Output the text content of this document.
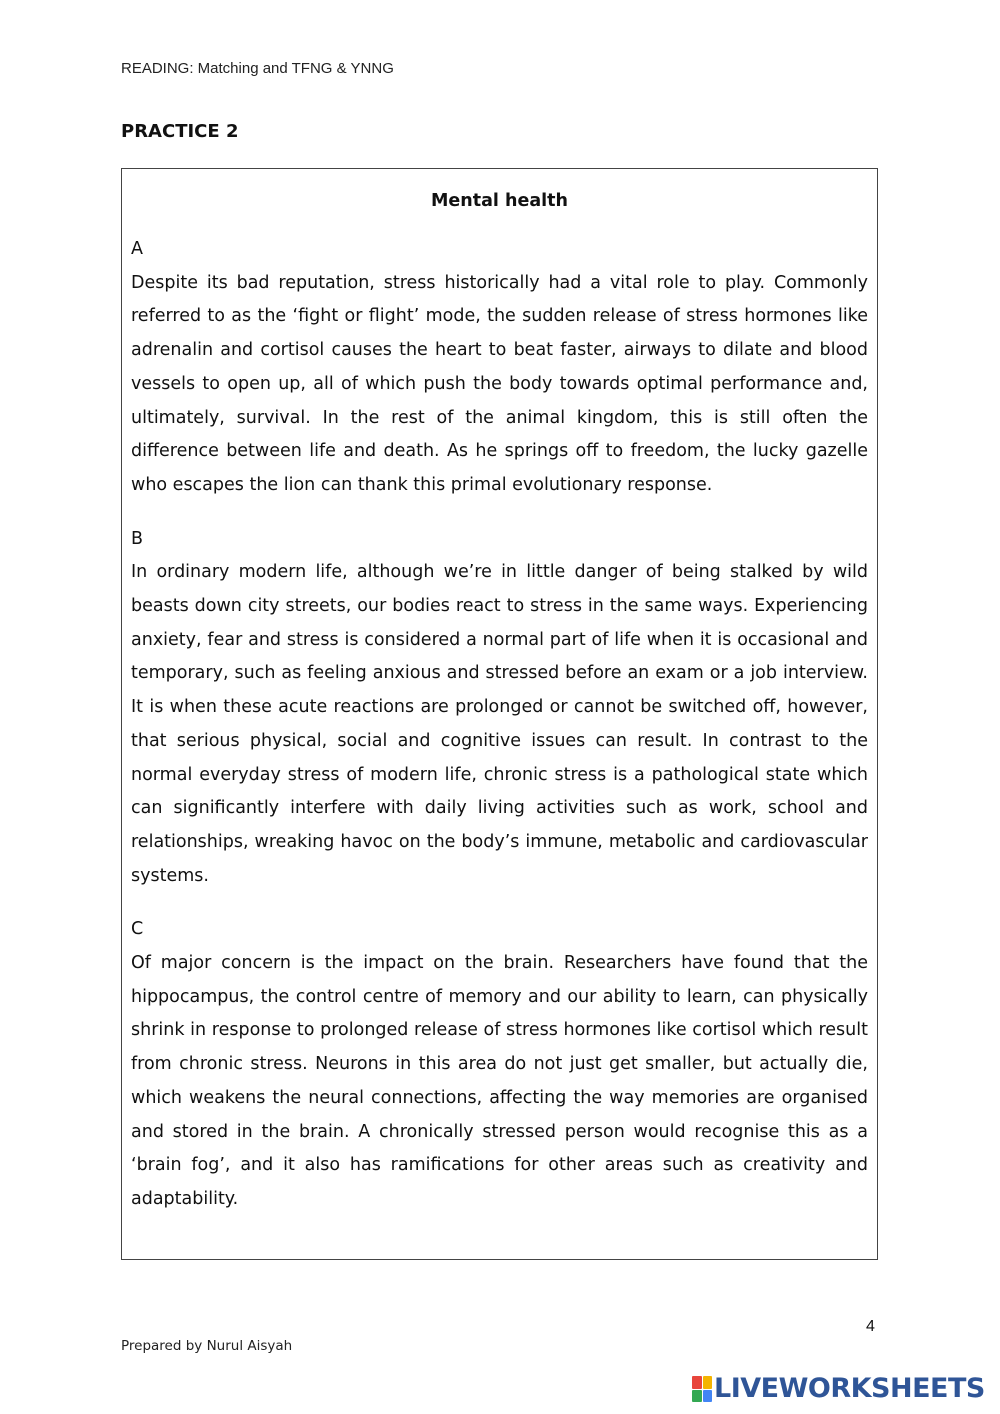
READING: Matching and TFNG & YNNG
PRACTICE 2

Mental health

A

Despite its bad reputation, stress historically had a vital role to play. Commonly referred to as the ‘fight or flight’ mode, the sudden release of stress hormones like adrenalin and cortisol causes the heart to beat faster, airways to dilate and blood vessels to open up, all of which push the body towards optimal performance and, ultimately, survival. In the rest of the animal kingdom, this is still often the difference between life and death. As he springs off to freedom, the lucky gazelle who escapes the lion can thank this primal evolutionary response.

B

In ordinary modern life, although we’re in little danger of being stalked by wild beasts down city streets, our bodies react to stress in the same ways. Experiencing anxiety, fear and stress is considered a normal part of life when it is occasional and temporary, such as feeling anxious and stressed before an exam or a job interview. It is when these acute reactions are prolonged or cannot be switched off, however, that serious physical, social and cognitive issues can result. In contrast to the normal everyday stress of modern life, chronic stress is a pathological state which can significantly interfere with daily living activities such as work, school and relationships, wreaking havoc on the body’s immune, metabolic and cardiovascular systems.

C

Of major concern is the impact on the brain. Researchers have found that the hippocampus, the control centre of memory and our ability to learn, can physically shrink in response to prolonged release of stress hormones like cortisol which result from chronic stress. Neurons in this area do not just get smaller, but actually die, which weakens the neural connections, affecting the way memories are organised and stored in the brain. A chronically stressed person would recognise this as a ‘brain fog’, and it also has ramifications for other areas such as creativity and adaptability.

4
Prepared by Nurul Aisyah
LIVEWORKSHEETS
